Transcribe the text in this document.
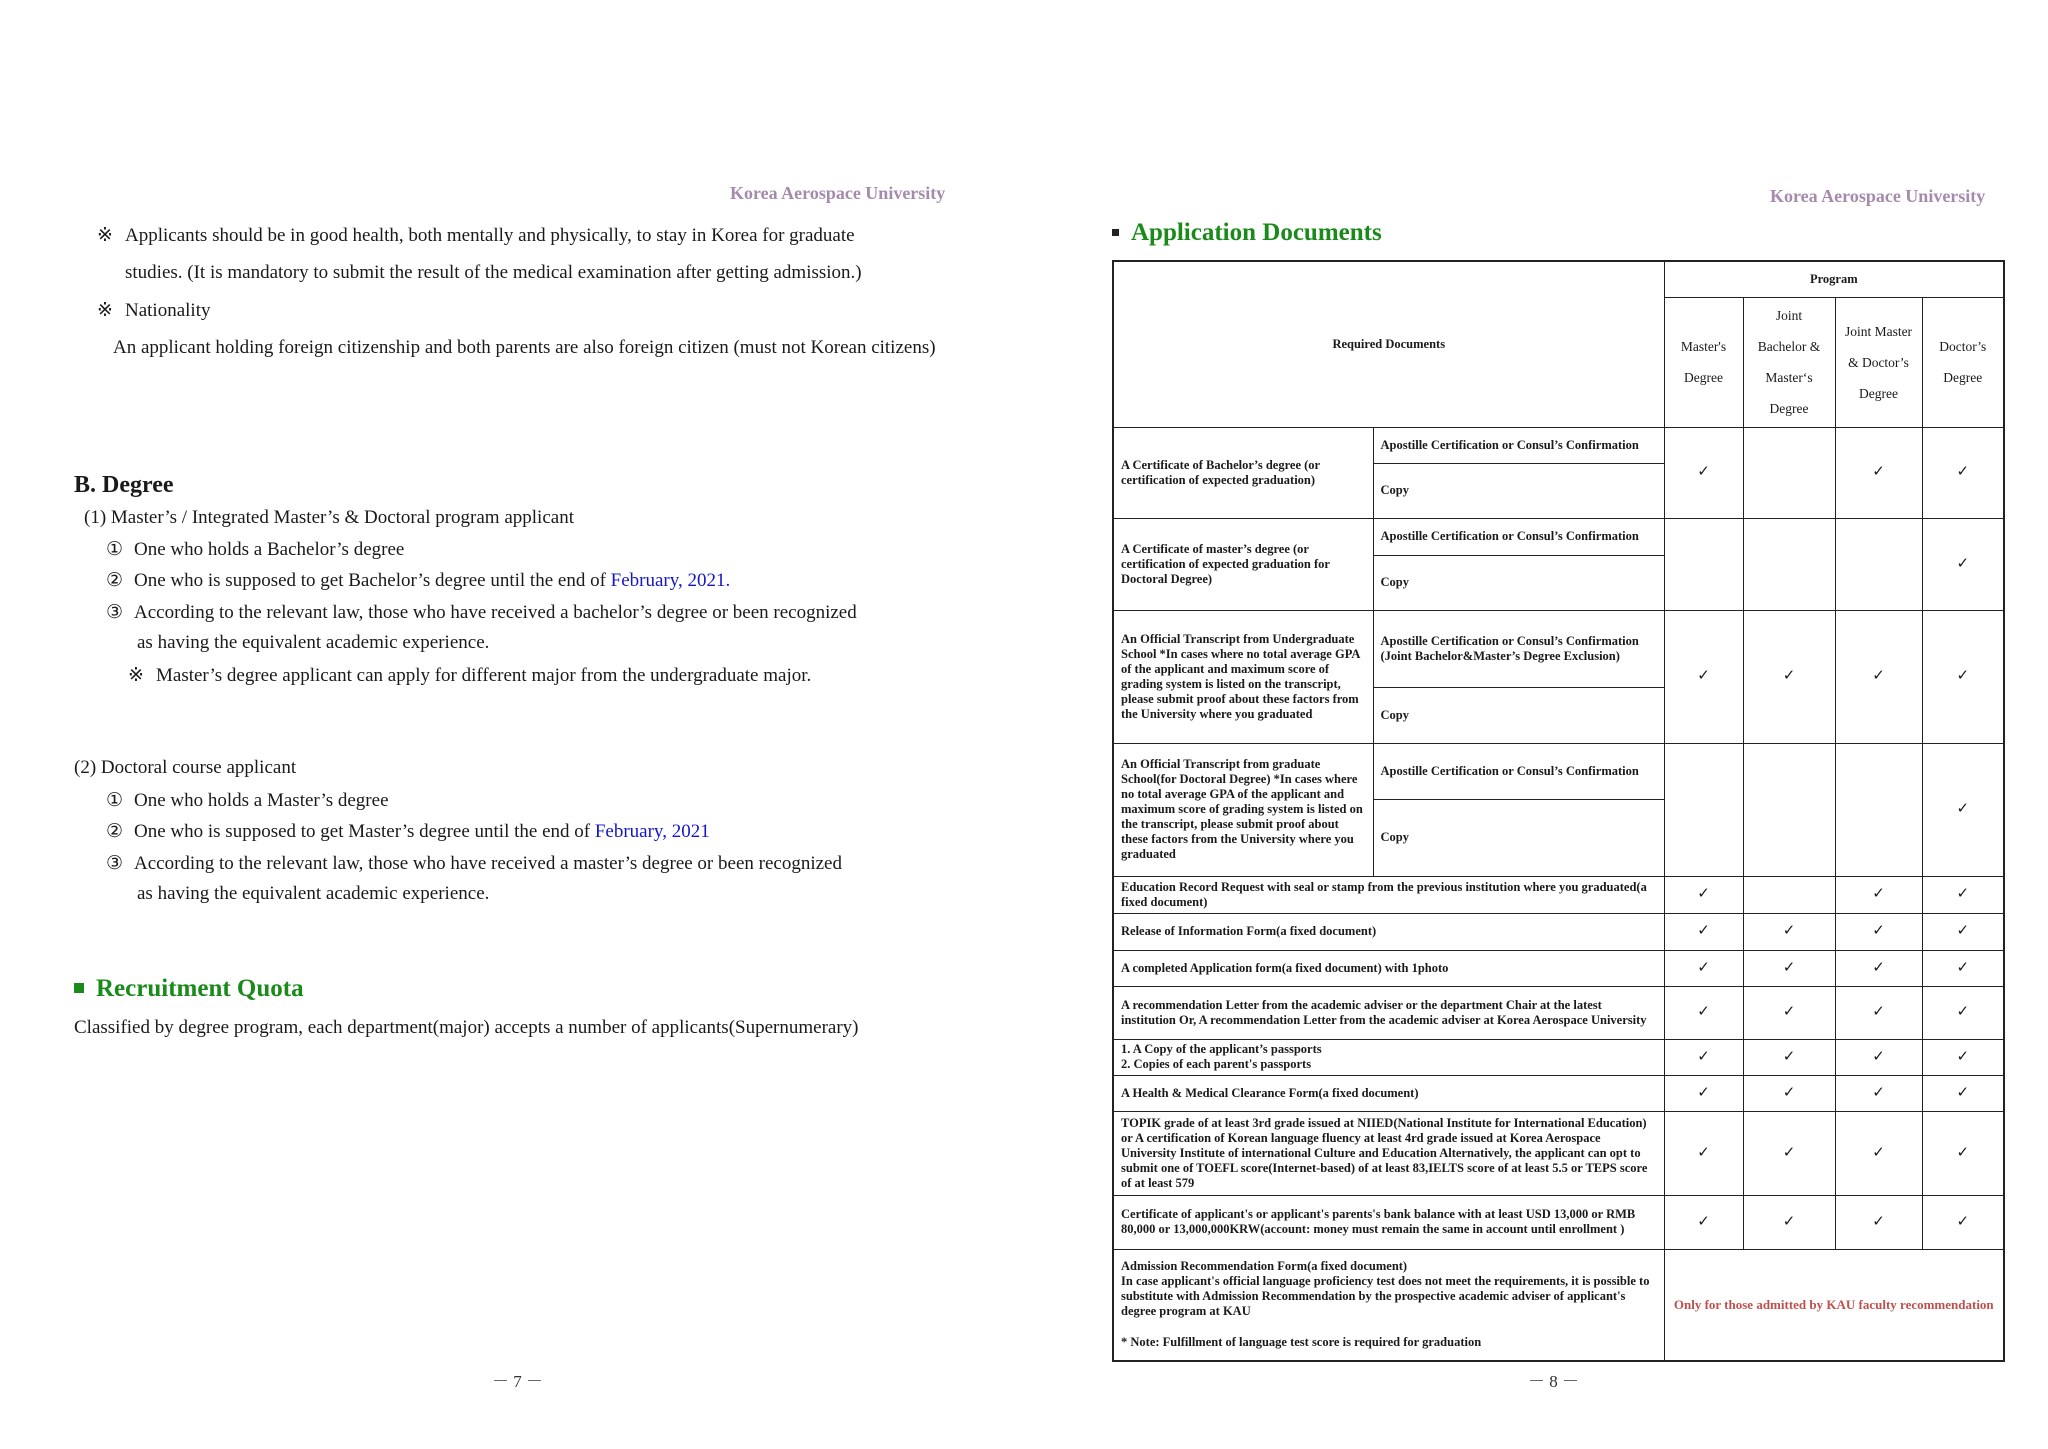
Korea Aerospace University
※ Applicants should be in good health, both mentally and physically, to stay in Korea for graduate
studies. (It is mandatory to submit the result of the medical examination after getting admission.)
※ Nationality
An applicant holding foreign citizenship and both parents are also foreign citizen (must not Korean citizens)
B. Degree
(1) Master’s / Integrated Master’s & Doctoral program applicant
① One who holds a Bachelor’s degree
② One who is supposed to get Bachelor’s degree until the end of February, 2021.
③ According to the relevant law, those who have received a bachelor’s degree or been recognized
as having the equivalent academic experience.
※ Master’s degree applicant can apply for different major from the undergraduate major.
(2) Doctoral course applicant
① One who holds a Master’s degree
② One who is supposed to get Master’s degree until the end of February, 2021
③ According to the relevant law, those who have received a master’s degree or been recognized
as having the equivalent academic experience.
Recruitment Quota
Classified by degree program, each department(major) accepts a number of applicants(Supernumerary)
－ 7 －
Korea Aerospace University
Application Documents
－ 8 －
Required Documents		Program			
		Master's Degree	Joint Bachelor & Master‘s Degree	Joint Master & Doctor’s Degree	Doctor’s Degree
A Certificate of Bachelor’s degree (or certification of expected graduation)	Apostille Certification or Consul’s Confirmation	✓		✓	✓
	Copy				
A Certificate of master’s degree (or certification of expected graduation for Doctoral Degree)	Apostille Certification or Consul’s Confirmation				✓
	Copy				
An Official Transcript from Undergraduate School *In cases where no total average GPA of the applicant and maximum score of grading system is listed on the transcript, please submit proof about these factors from the University where you graduated	Apostille Certification or Consul’s Confirmation (Joint Bachelor&Master’s Degree Exclusion)	✓	✓	✓	✓
	Copy				
An Official Transcript from graduate School(for Doctoral Degree) *In cases where no total average GPA of the applicant and maximum score of grading system is listed on the transcript, please submit proof about these factors from the University where you graduated	Apostille Certification or Consul’s Confirmation				✓
	Copy				
Education Record Request with seal or stamp from the previous institution where you graduated(a fixed document)		✓		✓	✓
Release of Information Form(a fixed document)		✓	✓	✓	✓
A completed Application form(a fixed document) with 1photo		✓	✓	✓	✓
A recommendation Letter from the academic adviser or the department Chair at the latest institution Or, A recommendation Letter from the academic adviser at Korea Aerospace University		✓	✓	✓	✓

1. A Copy of the applicant’s passports
2. Copies of each parent's passports		✓	✓	✓	✓
A Health & Medical Clearance Form(a fixed document)		✓	✓	✓	✓
TOPIK grade of at least 3rd grade issued at NIIED(National Institute for International Education) or A certification of Korean language fluency at least 4rd grade issued at Korea Aerospace University Institute of international Culture and Education Alternatively, the applicant can opt to submit one of TOEFL score(Internet-based) of at least 83,IELTS score of at least 5.5 or TEPS score of at least 579		✓	✓	✓	✓
Certificate of applicant's or applicant's parents's bank balance with at least USD 13,000 or RMB 80,000 or 13,000,000KRW(account: money must remain the same in account until enrollment )		✓	✓	✓	✓

Admission Recommendation Form(a fixed document)
In case applicant's official language proficiency test does not meet the requirements, it is possible to substitute with Admission Recommendation by the prospective academic adviser of applicant's degree program at KAU
* Note: Fulfillment of language test score is required for graduation		Only for those admitted by KAU faculty recommendation			
